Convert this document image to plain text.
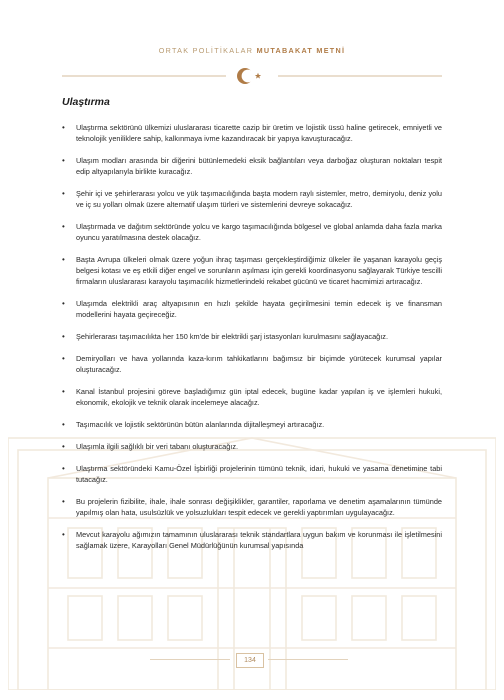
ORTAK POLİTİKALAR MUTABAKAT METNİ
Ulaştırma
• Ulaştırma sektörünü ülkemizi uluslararası ticarette cazip bir üretim ve lojistik üssü haline getirecek, emniyetli ve teknolojik yeniliklere sahip, kalkınmaya ivme kazandıracak bir yapıya kavuşturacağız.
• Ulaşım modları arasında bir diğerini bütünlemedeki eksik bağlantıları veya darboğaz oluşturan noktaları tespit edip altyapılarıyla birlikte kuracağız.
• Şehir içi ve şehirlerarası yolcu ve yük taşımacılığında başta modern raylı sistemler, metro, demiryolu, deniz yolu ve iç su yolları olmak üzere alternatif ulaşım türleri ve sistemlerini devreye sokacağız.
• Ulaştırmada ve dağıtım sektöründe yolcu ve kargo taşımacılığında bölgesel ve global anlamda daha fazla marka oyuncu yaratılmasına destek olacağız.
• Başta Avrupa ülkeleri olmak üzere yoğun ihraç taşıması gerçekleştirdiğimiz ülkeler ile yaşanan karayolu geçiş belgesi kotası ve eş etkili diğer engel ve sorunların aşılması için gerekli koordinasyonu sağlayarak Türkiye tescilli firmaların uluslararası karayolu taşımacılık hizmetlerindeki rekabet gücünü ve ticaret hacmimizi artıracağız.
• Ulaşımda elektrikli araç altyapısının en hızlı şekilde hayata geçirilmesini temin edecek iş ve finansman modellerini hayata geçireceğiz.
• Şehirlerarası taşımacılıkta her 150 km'de bir elektrikli şarj istasyonları kurulmasını sağlayacağız.
• Demiryolları ve hava yollarında kaza-kırım tahkikatlarını bağımsız bir biçimde yürütecek kurumsal yapılar oluşturacağız.
• Kanal İstanbul projesini göreve başladığımız gün iptal edecek, bugüne kadar yapılan iş ve işlemleri hukuki, ekonomik, ekolojik ve teknik olarak incelemeye alacağız.
• Taşımacılık ve lojistik sektörünün bütün alanlarında dijitalleşmeyi artıracağız.
• Ulaşımla ilgili sağlıklı bir veri tabanı oluşturacağız.
• Ulaştırma sektöründeki Kamu-Özel İşbirliği projelerinin tümünü teknik, idari, hukuki ve yasama denetimine tabi tutacağız.
• Bu projelerin fizibilite, ihale, ihale sonrası değişiklikler, garantiler, raporlama ve denetim aşamalarının tümünde yapılmış olan hata, usulsüzlük ve yolsuzlukları tespit edecek ve gerekli yaptırımları uygulayacağız.
• Mevcut karayolu ağımızın tamamının uluslararası teknik standartlara uygun bakım ve korunması ile işletilmesini sağlamak üzere, Karayolları Genel Müdürlüğünün kurumsal yapısında
134
